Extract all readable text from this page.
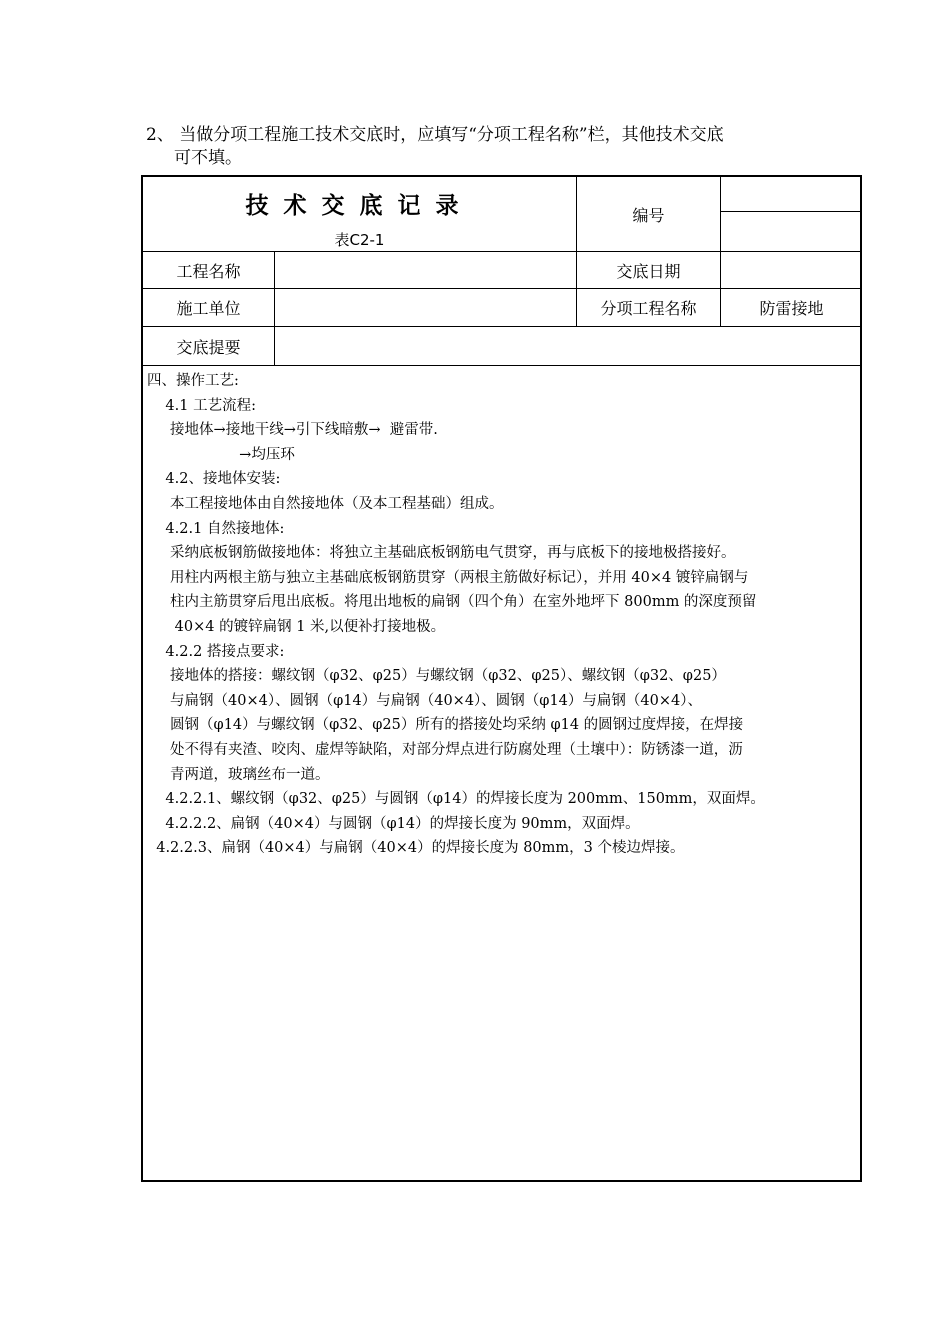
2、 当做分项工程施工技术交底时，应填写“分项工程名称”栏，其他技术交底
可不填。
技术交底记录
表C2-1
编号
工程名称	交底日期
施工单位	分项工程名称	防雷接地
交底提要
四、操作工艺:
4.1 工艺流程:
接地体→接地干线→引下线暗敷→  避雷带.
→均压环
4.2、接地体安装:
本工程接地体由自然接地体（及本工程基础）组成。
4.2.1 自然接地体:
采纳底板钢筋做接地体：将独立主基础底板钢筋电气贯穿，再与底板下的接地极搭接好。
用柱内两根主筋与独立主基础底板钢筋贯穿（两根主筋做好标记），并用 40×4 镀锌扁钢与
柱内主筋贯穿后甩出底板。将甩出地板的扁钢（四个角）在室外地坪下 800mm 的深度预留
40×4 的镀锌扁钢 1 米,以便补打接地极。
4.2.2 搭接点要求:
接地体的搭接：螺纹钢（φ32、φ25）与螺纹钢（φ32、φ25）、螺纹钢（φ32、φ25）
与扁钢（40×4）、圆钢（φ14）与扁钢（40×4）、圆钢（φ14）与扁钢（40×4）、
圆钢（φ14）与螺纹钢（φ32、φ25）所有的搭接处均采纳 φ14 的圆钢过度焊接，在焊接
处不得有夹渣、咬肉、虚焊等缺陷，对部分焊点进行防腐处理（土壤中）：防锈漆一道，沥
青两道，玻璃丝布一道。
4.2.2.1、螺纹钢（φ32、φ25）与圆钢（φ14）的焊接长度为 200mm、150mm，双面焊。
4.2.2.2、扁钢（40×4）与圆钢（φ14）的焊接长度为 90mm，双面焊。
4.2.2.3、扁钢（40×4）与扁钢（40×4）的焊接长度为 80mm，3 个棱边焊接。
